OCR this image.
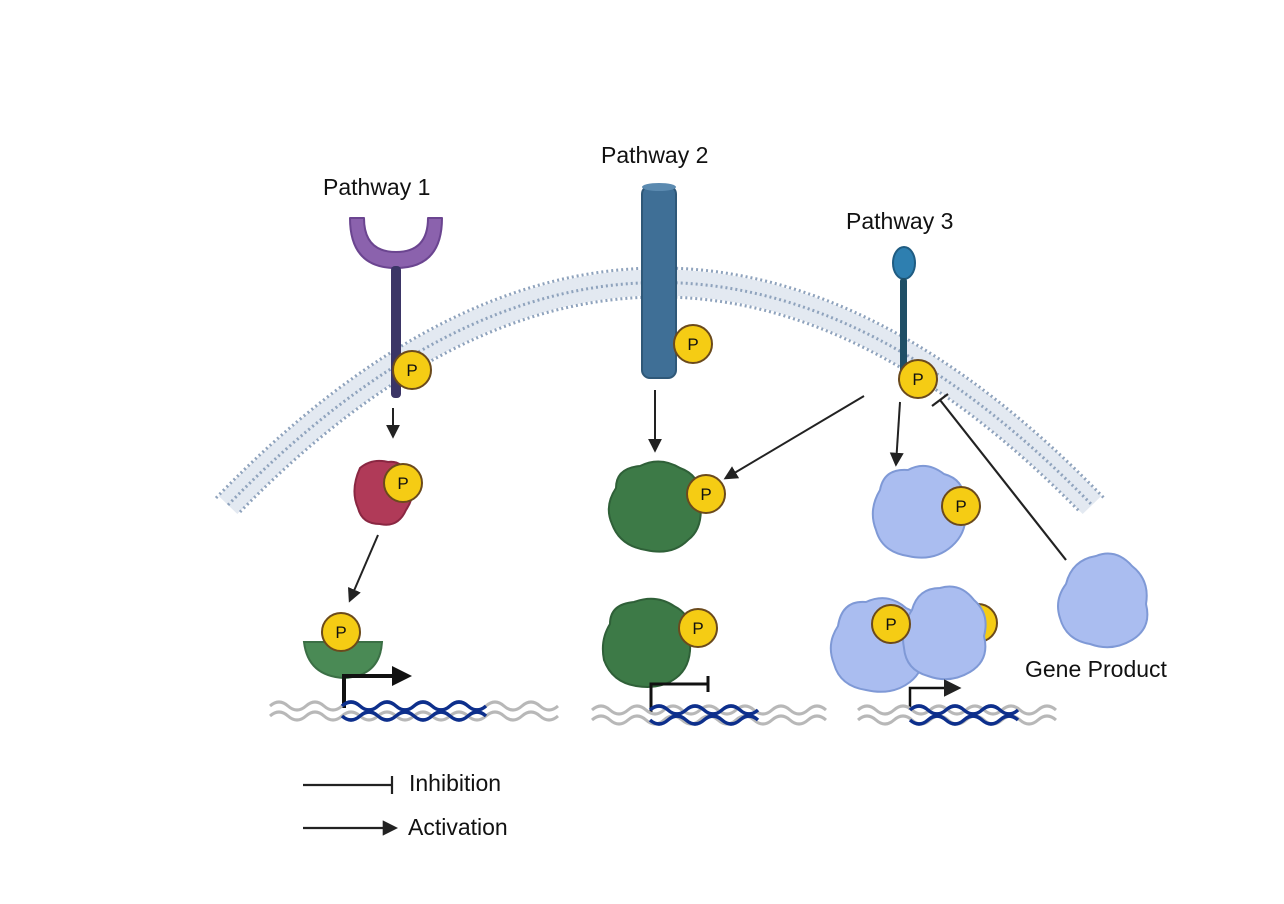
P
P
P
P
P
P
P
P
P
Pathway 1
Pathway 2
Pathway 3
Gene Product
Inhibition
Activation
